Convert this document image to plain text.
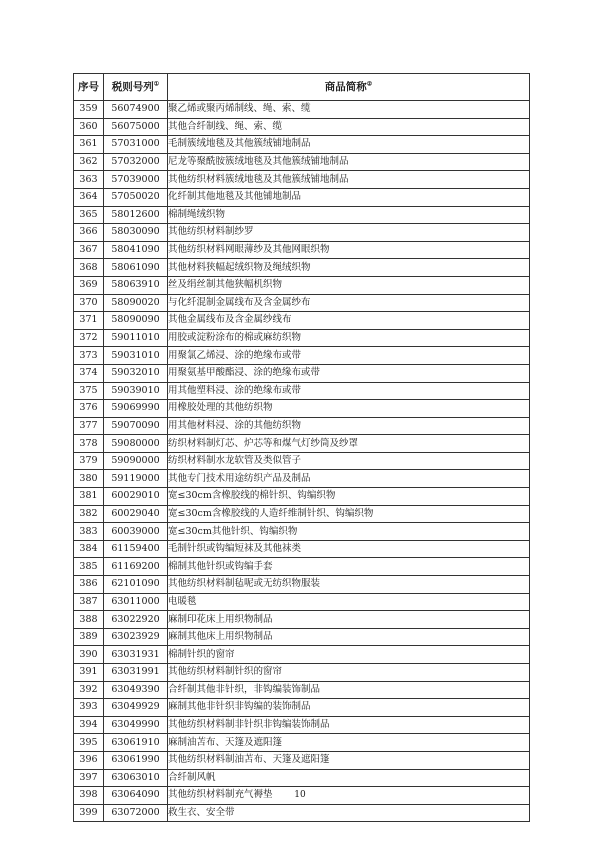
序号	税则号列①	商品简称②
359	56074900	聚乙烯或聚丙烯制线、绳、索、缆
360	56075000	其他合纤制线、绳、索、缆
361	57031000	毛制簇绒地毯及其他簇绒铺地制品
362	57032000	尼龙等聚酰胺簇绒地毯及其他簇绒铺地制品
363	57039000	其他纺织材料簇绒地毯及其他簇绒铺地制品
364	57050020	化纤制其他地毯及其他铺地制品
365	58012600	棉制绳绒织物
366	58030090	其他纺织材料制纱罗
367	58041090	其他纺织材料网眼薄纱及其他网眼织物
368	58061090	其他材料狭幅起绒织物及绳绒织物
369	58063910	丝及绢丝制其他狭幅机织物
370	58090020	与化纤混制金属线布及含金属纱布
371	58090090	其他金属线布及含金属纱线布
372	59011010	用胶或淀粉涂布的棉或麻纺织物
373	59031010	用聚氯乙烯浸、涂的绝缘布或带
374	59032010	用聚氨基甲酸酯浸、涂的绝缘布或带
375	59039010	用其他塑料浸、涂的绝缘布或带
376	59069990	用橡胶处理的其他纺织物
377	59070090	用其他材料浸、涂的其他纺织物
378	59080000	纺织材料制灯芯、炉芯等和煤气灯纱筒及纱罩
379	59090000	纺织材料制水龙软管及类似管子
380	59119000	其他专门技术用途纺织产品及制品
381	60029010	宽≤30cm含橡胶线的棉针织、钩编织物
382	60029040	宽≤30cm含橡胶线的人造纤维制针织、钩编织物
383	60039000	宽≤30cm其他针织、钩编织物
384	61159400	毛制针织或钩编短袜及其他袜类
385	61169200	棉制其他针织或钩编手套
386	62101090	其他纺织材料制毡呢或无纺织物服装
387	63011000	电暖毯
388	63022920	麻制印花床上用织物制品
389	63023929	麻制其他床上用织物制品
390	63031931	棉制针织的窗帘
391	63031991	其他纺织材料制针织的窗帘
392	63049390	合纤制其他非针织，非钩编装饰制品
393	63049929	麻制其他非针织非钩编的装饰制品
394	63049990	其他纺织材料制非针织非钩编装饰制品
395	63061910	麻制油苫布、天篷及遮阳篷
396	63061990	其他纺织材料制油苫布、天篷及遮阳篷
397	63063010	合纤制风帆
398	63064090	其他纺织材料制充气褥垫
399	63072000	救生衣、安全带
10
